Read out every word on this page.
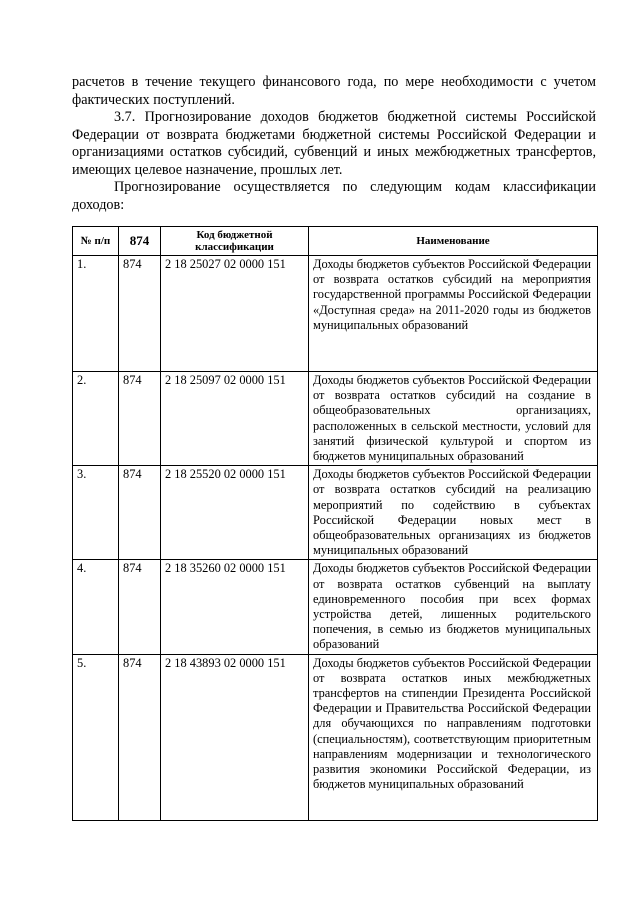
расчетов в течение текущего финансового года, по мере необходимости с учетом фактических поступлений.

3.7. Прогнозирование доходов бюджетов бюджетной системы Российской Федерации от возврата бюджетами бюджетной системы Российской Федерации и организациями остатков субсидий, субвенций и иных межбюджетных трансфертов, имеющих целевое назначение, прошлых лет.

Прогнозирование осуществляется по следующим кодам классификации доходов:

№ п/п	874	Код бюджетной классификации	Наименование
1.	874	2 18 25027 02 0000 151	Доходы бюджетов субъектов Российской Федерации от возврата остатков субсидий на мероприятия государственной программы Российской Федерации «Доступная среда» на 2011-2020 годы из бюджетов муниципальных образований
2.	874	2 18 25097 02 0000 151	Доходы бюджетов субъектов Российской Федерации от возврата остатков субсидий на создание в общеобразовательных организациях, расположенных в сельской местности, условий для занятий физической культурой и спортом из бюджетов муниципальных образований
3.	874	2 18 25520 02 0000 151	Доходы бюджетов субъектов Российской Федерации от возврата остатков субсидий на реализацию мероприятий по содействию в субъектах Российской Федерации новых мест в общеобразовательных организациях из бюджетов муниципальных образований
4.	874	2 18 35260 02 0000 151	Доходы бюджетов субъектов Российской Федерации от возврата остатков субвенций на выплату единовременного пособия при всех формах устройства детей, лишенных родительского попечения, в семью из бюджетов муниципальных образований
5.	874	2 18 43893 02 0000 151	Доходы бюджетов субъектов Российской Федерации от возврата остатков иных межбюджетных трансфертов на стипендии Президента Российской Федерации и Правительства Российской Федерации для обучающихся по направлениям подготовки (специальностям), соответствующим приоритетным направлениям модернизации и технологического развития экономики Российской Федерации, из бюджетов муниципальных образований
